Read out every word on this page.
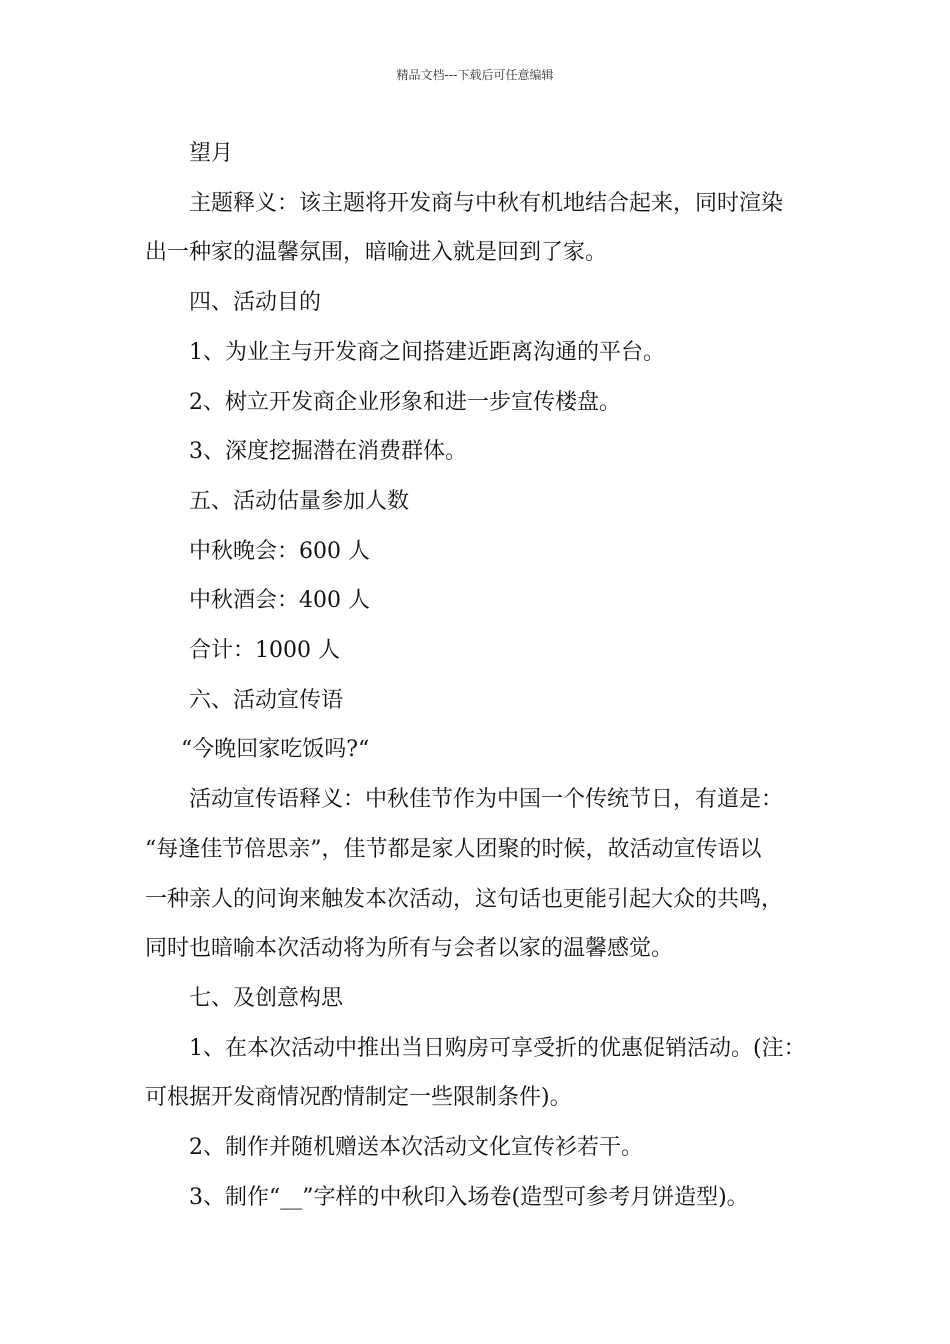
精品文档---下载后可任意编辑
望月
主题释义：该主题将开发商与中秋有机地结合起来，同时渲染
出一种家的温馨氛围，暗喻进入就是回到了家。
四、活动目的
1、为业主与开发商之间搭建近距离沟通的平台。
2、树立开发商企业形象和进一步宣传楼盘。
3、深度挖掘潜在消费群体。
五、活动估量参加人数
中秋晚会：600 人
中秋酒会：400 人
合计：1000 人
六、活动宣传语
“今晚回家吃饭吗?“
活动宣传语释义：中秋佳节作为中国一个传统节日，有道是：
“每逢佳节倍思亲”，佳节都是家人团聚的时候，故活动宣传语以
一种亲人的问询来触发本次活动，这句话也更能引起大众的共鸣，
同时也暗喻本次活动将为所有与会者以家的温馨感觉。
七、及创意构思
1、在本次活动中推出当日购房可享受折的优惠促销活动。(注：
可根据开发商情况酌情制定一些限制条件)。
2、制作并随机赠送本次活动文化宣传衫若干。
3、制作“__”字样的中秋印入场卷(造型可参考月饼造型)。
